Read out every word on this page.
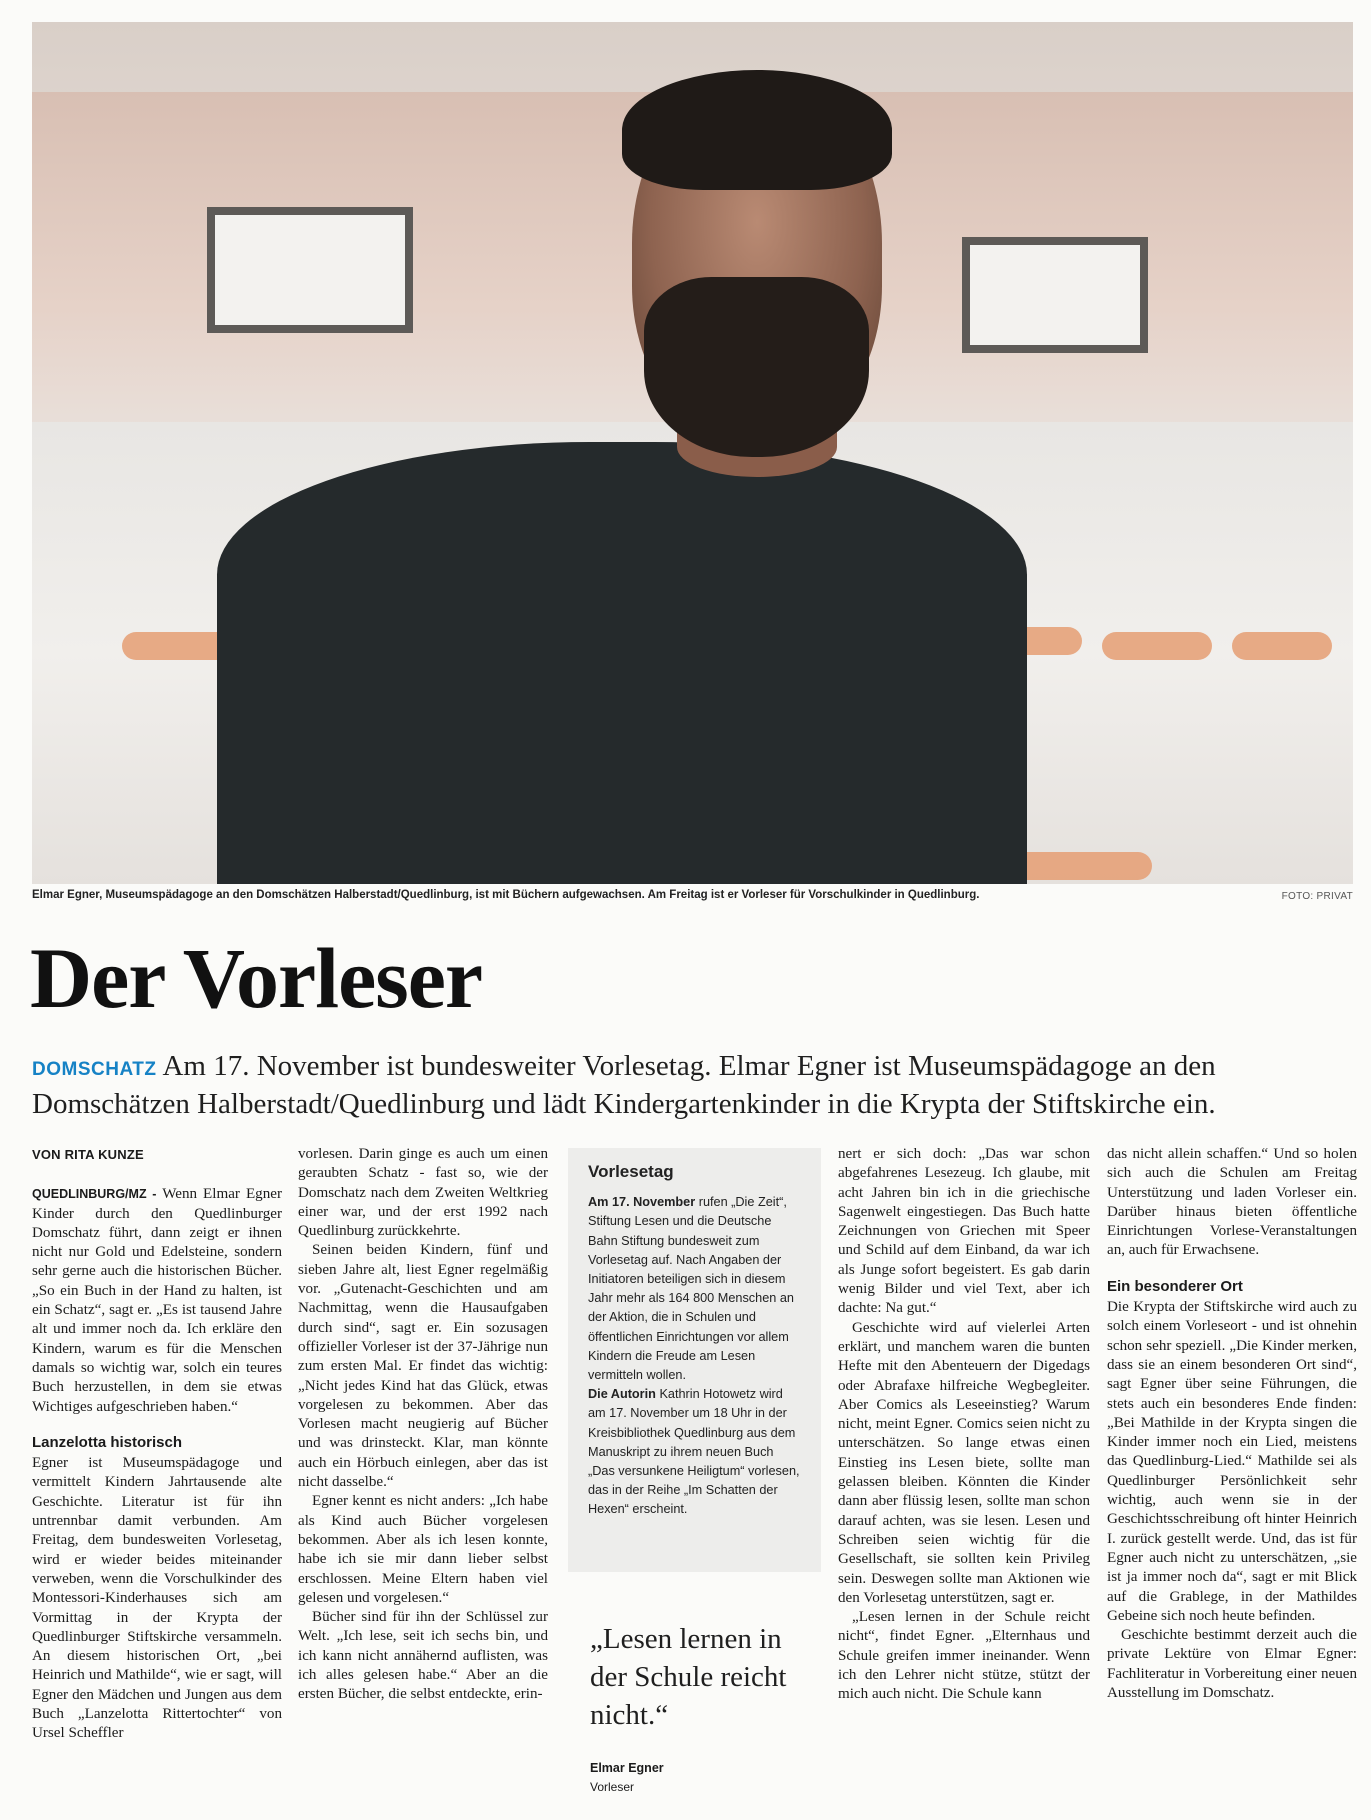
Elmar Egner, Museumspädagoge an den Domschätzen Halberstadt/Quedlinburg, ist mit Büchern aufgewachsen. Am Freitag ist er Vorleser für Vorschulkinder in Quedlinburg.	FOTO: PRIVAT
Der Vorleser
DOMSCHATZ Am 17. November ist bundesweiter Vorlesetag. Elmar Egner ist Museumspädagoge an den Domschätzen Halberstadt/Quedlinburg und lädt Kindergartenkinder in die Krypta der Stiftskirche ein.
VON RITA KUNZE

QUEDLINBURG/MZ - Wenn Elmar Egner Kinder durch den Quedlinburger Domschatz führt, dann zeigt er ihnen nicht nur Gold und Edelsteine, sondern sehr gerne auch die historischen Bücher. „So ein Buch in der Hand zu halten, ist ein Schatz“, sagt er. „Es ist tausend Jahre alt und immer noch da. Ich erkläre den Kindern, warum es für die Menschen damals so wichtig war, solch ein teures Buch herzustellen, in dem sie etwas Wichtiges aufgeschrieben haben.“

Lanzelotta historisch

Egner ist Museumspädagoge und vermittelt Kindern Jahrtausende alte Geschichte. Literatur ist für ihn untrennbar damit verbunden. Am Freitag, dem bundesweiten Vorlesetag, wird er wieder beides miteinander verweben, wenn die Vorschulkinder des Montessori-Kinderhauses sich am Vormittag in der Krypta der Quedlinburger Stiftskirche versammeln. An diesem historischen Ort, „bei Heinrich und Mathilde“, wie er sagt, will Egner den Mädchen und Jungen aus dem Buch „Lanzelotta Rittertochter“ von Ursel Scheffler

vorlesen. Darin ginge es auch um einen geraubten Schatz - fast so, wie der Domschatz nach dem Zweiten Weltkrieg einer war, und der erst 1992 nach Quedlinburg zurückkehrte.

Seinen beiden Kindern, fünf und sieben Jahre alt, liest Egner regelmäßig vor. „Gutenacht-Geschichten und am Nachmittag, wenn die Hausaufgaben durch sind“, sagt er. Ein sozusagen offizieller Vorleser ist der 37-Jährige nun zum ersten Mal. Er findet das wichtig: „Nicht jedes Kind hat das Glück, etwas vorgelesen zu bekommen. Aber das Vorlesen macht neugierig auf Bücher und was drinsteckt. Klar, man könnte auch ein Hörbuch einlegen, aber das ist nicht dasselbe.“

Egner kennt es nicht anders: „Ich habe als Kind auch Bücher vorgelesen bekommen. Aber als ich lesen konnte, habe ich sie mir dann lieber selbst erschlossen. Meine Eltern haben viel gelesen und vorgelesen.“

Bücher sind für ihn der Schlüssel zur Welt. „Ich lese, seit ich sechs bin, und ich kann nicht annähernd auflisten, was ich alles gelesen habe.“ Aber an die ersten Bücher, die selbst entdeckte, erin-

Vorlesetag

Am 17. November rufen „Die Zeit“, Stiftung Lesen und die Deutsche Bahn Stiftung bundesweit zum Vorlesetag auf. Nach Angaben der Initiatoren beteiligen sich in diesem Jahr mehr als 164 800 Menschen an der Aktion, die in Schulen und öffentlichen Einrichtungen vor allem Kindern die Freude am Lesen vermitteln wollen.

Die Autorin Kathrin Hotowetz wird am 17. November um 18 Uhr in der Kreisbibliothek Quedlinburg aus dem Manuskript zu ihrem neuen Buch „Das versunkene Heiligtum“ vorlesen, das in der Reihe „Im Schatten der Hexen“ erscheint.

„Lesen lernen in der Schule reicht nicht.“
Elmar Egner
Vorleser

nert er sich doch: „Das war schon abgefahrenes Lesezeug. Ich glaube, mit acht Jahren bin ich in die griechische Sagenwelt eingestiegen. Das Buch hatte Zeichnungen von Griechen mit Speer und Schild auf dem Einband, da war ich als Junge sofort begeistert. Es gab darin wenig Bilder und viel Text, aber ich dachte: Na gut.“

Geschichte wird auf vielerlei Arten erklärt, und manchem waren die bunten Hefte mit den Abenteuern der Digedags oder Abrafaxe hilfreiche Wegbegleiter. Aber Comics als Leseeinstieg? Warum nicht, meint Egner. Comics seien nicht zu unterschätzen. So lange etwas einen Einstieg ins Lesen biete, sollte man gelassen bleiben. Könnten die Kinder dann aber flüssig lesen, sollte man schon darauf achten, was sie lesen. Lesen und Schreiben seien wichtig für die Gesellschaft, sie sollten kein Privileg sein. Deswegen sollte man Aktionen wie den Vorlesetag unterstützen, sagt er.

„Lesen lernen in der Schule reicht nicht“, findet Egner. „Elternhaus und Schule greifen immer ineinander. Wenn ich den Lehrer nicht stütze, stützt der mich auch nicht. Die Schule kann

das nicht allein schaffen.“ Und so holen sich auch die Schulen am Freitag Unterstützung und laden Vorleser ein. Darüber hinaus bieten öffentliche Einrichtungen Vorlese-Veranstaltungen an, auch für Erwachsene.

Ein besonderer Ort

Die Krypta der Stiftskirche wird auch zu solch einem Vorleseort - und ist ohnehin schon sehr speziell. „Die Kinder merken, dass sie an einem besonderen Ort sind“, sagt Egner über seine Führungen, die stets auch ein besonderes Ende finden: „Bei Mathilde in der Krypta singen die Kinder immer noch ein Lied, meistens das Quedlinburg-Lied.“ Mathilde sei als Quedlinburger Persönlichkeit sehr wichtig, auch wenn sie in der Geschichtsschreibung oft hinter Heinrich I. zurück gestellt werde. Und, das ist für Egner auch nicht zu unterschätzen, „sie ist ja immer noch da“, sagt er mit Blick auf die Grablege, in der Mathildes Gebeine sich noch heute befinden.

Geschichte bestimmt derzeit auch die private Lektüre von Elmar Egner: Fachliteratur in Vorbereitung einer neuen Ausstellung im Domschatz.
